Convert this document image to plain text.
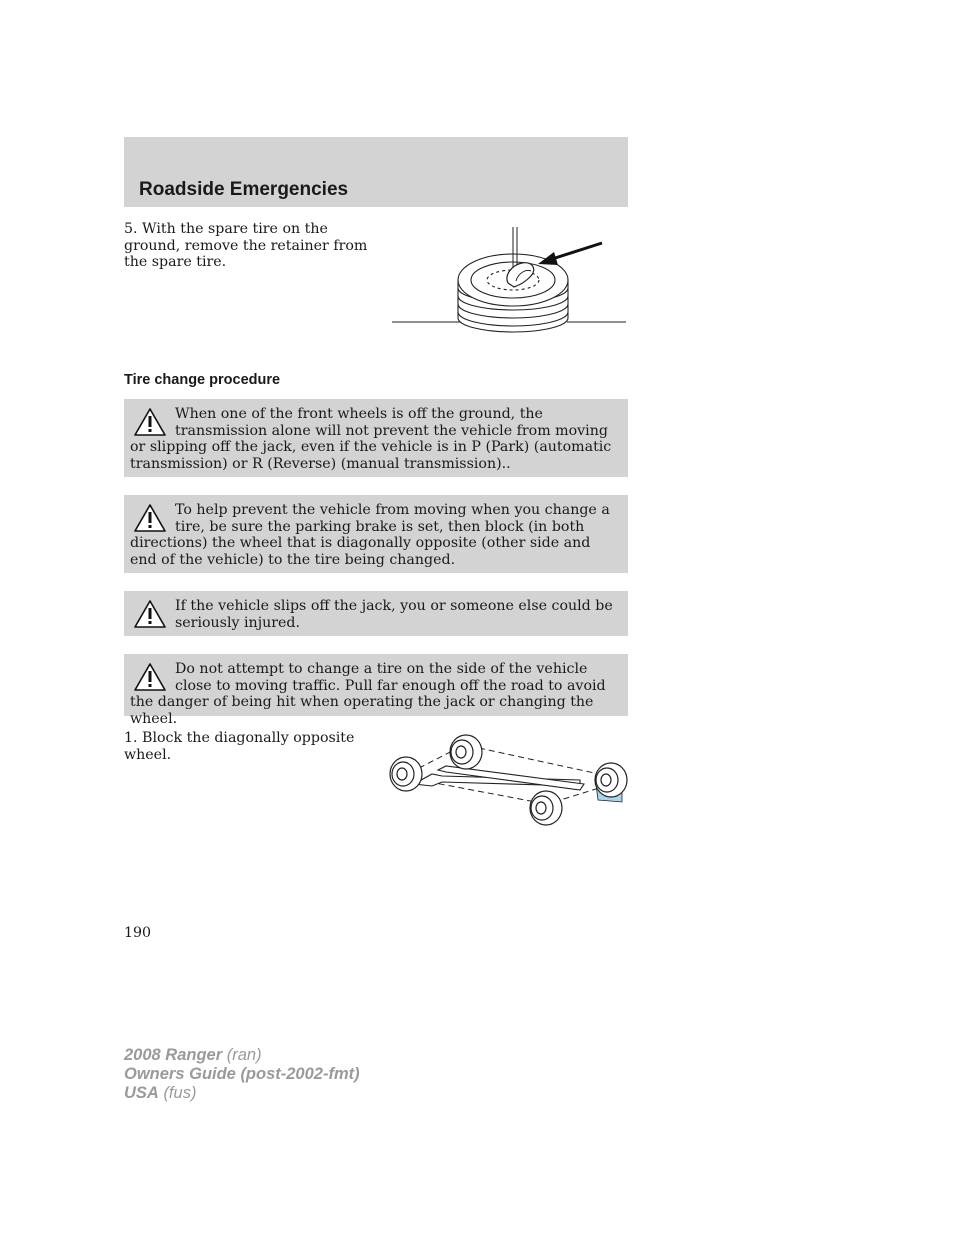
Roadside Emergencies

5. With the spare tire on the ground, remove the retainer from the spare tire.

Tire change procedure

When one of the front wheels is off the ground, the transmission alone will not prevent the vehicle from moving or slipping off the jack, even if the vehicle is in P (Park) (automatic transmission) or R (Reverse) (manual transmission)..

To help prevent the vehicle from moving when you change a tire, be sure the parking brake is set, then block (in both directions) the wheel that is diagonally opposite (other side and end of the vehicle) to the tire being changed.

If the vehicle slips off the jack, you or someone else could be seriously injured.

Do not attempt to change a tire on the side of the vehicle close to moving traffic. Pull far enough off the road to avoid the danger of being hit when operating the jack or changing the wheel.

1. Block the diagonally opposite wheel.

190

2008 Ranger (ran)
Owners Guide (post-2002-fmt)
USA (fus)
